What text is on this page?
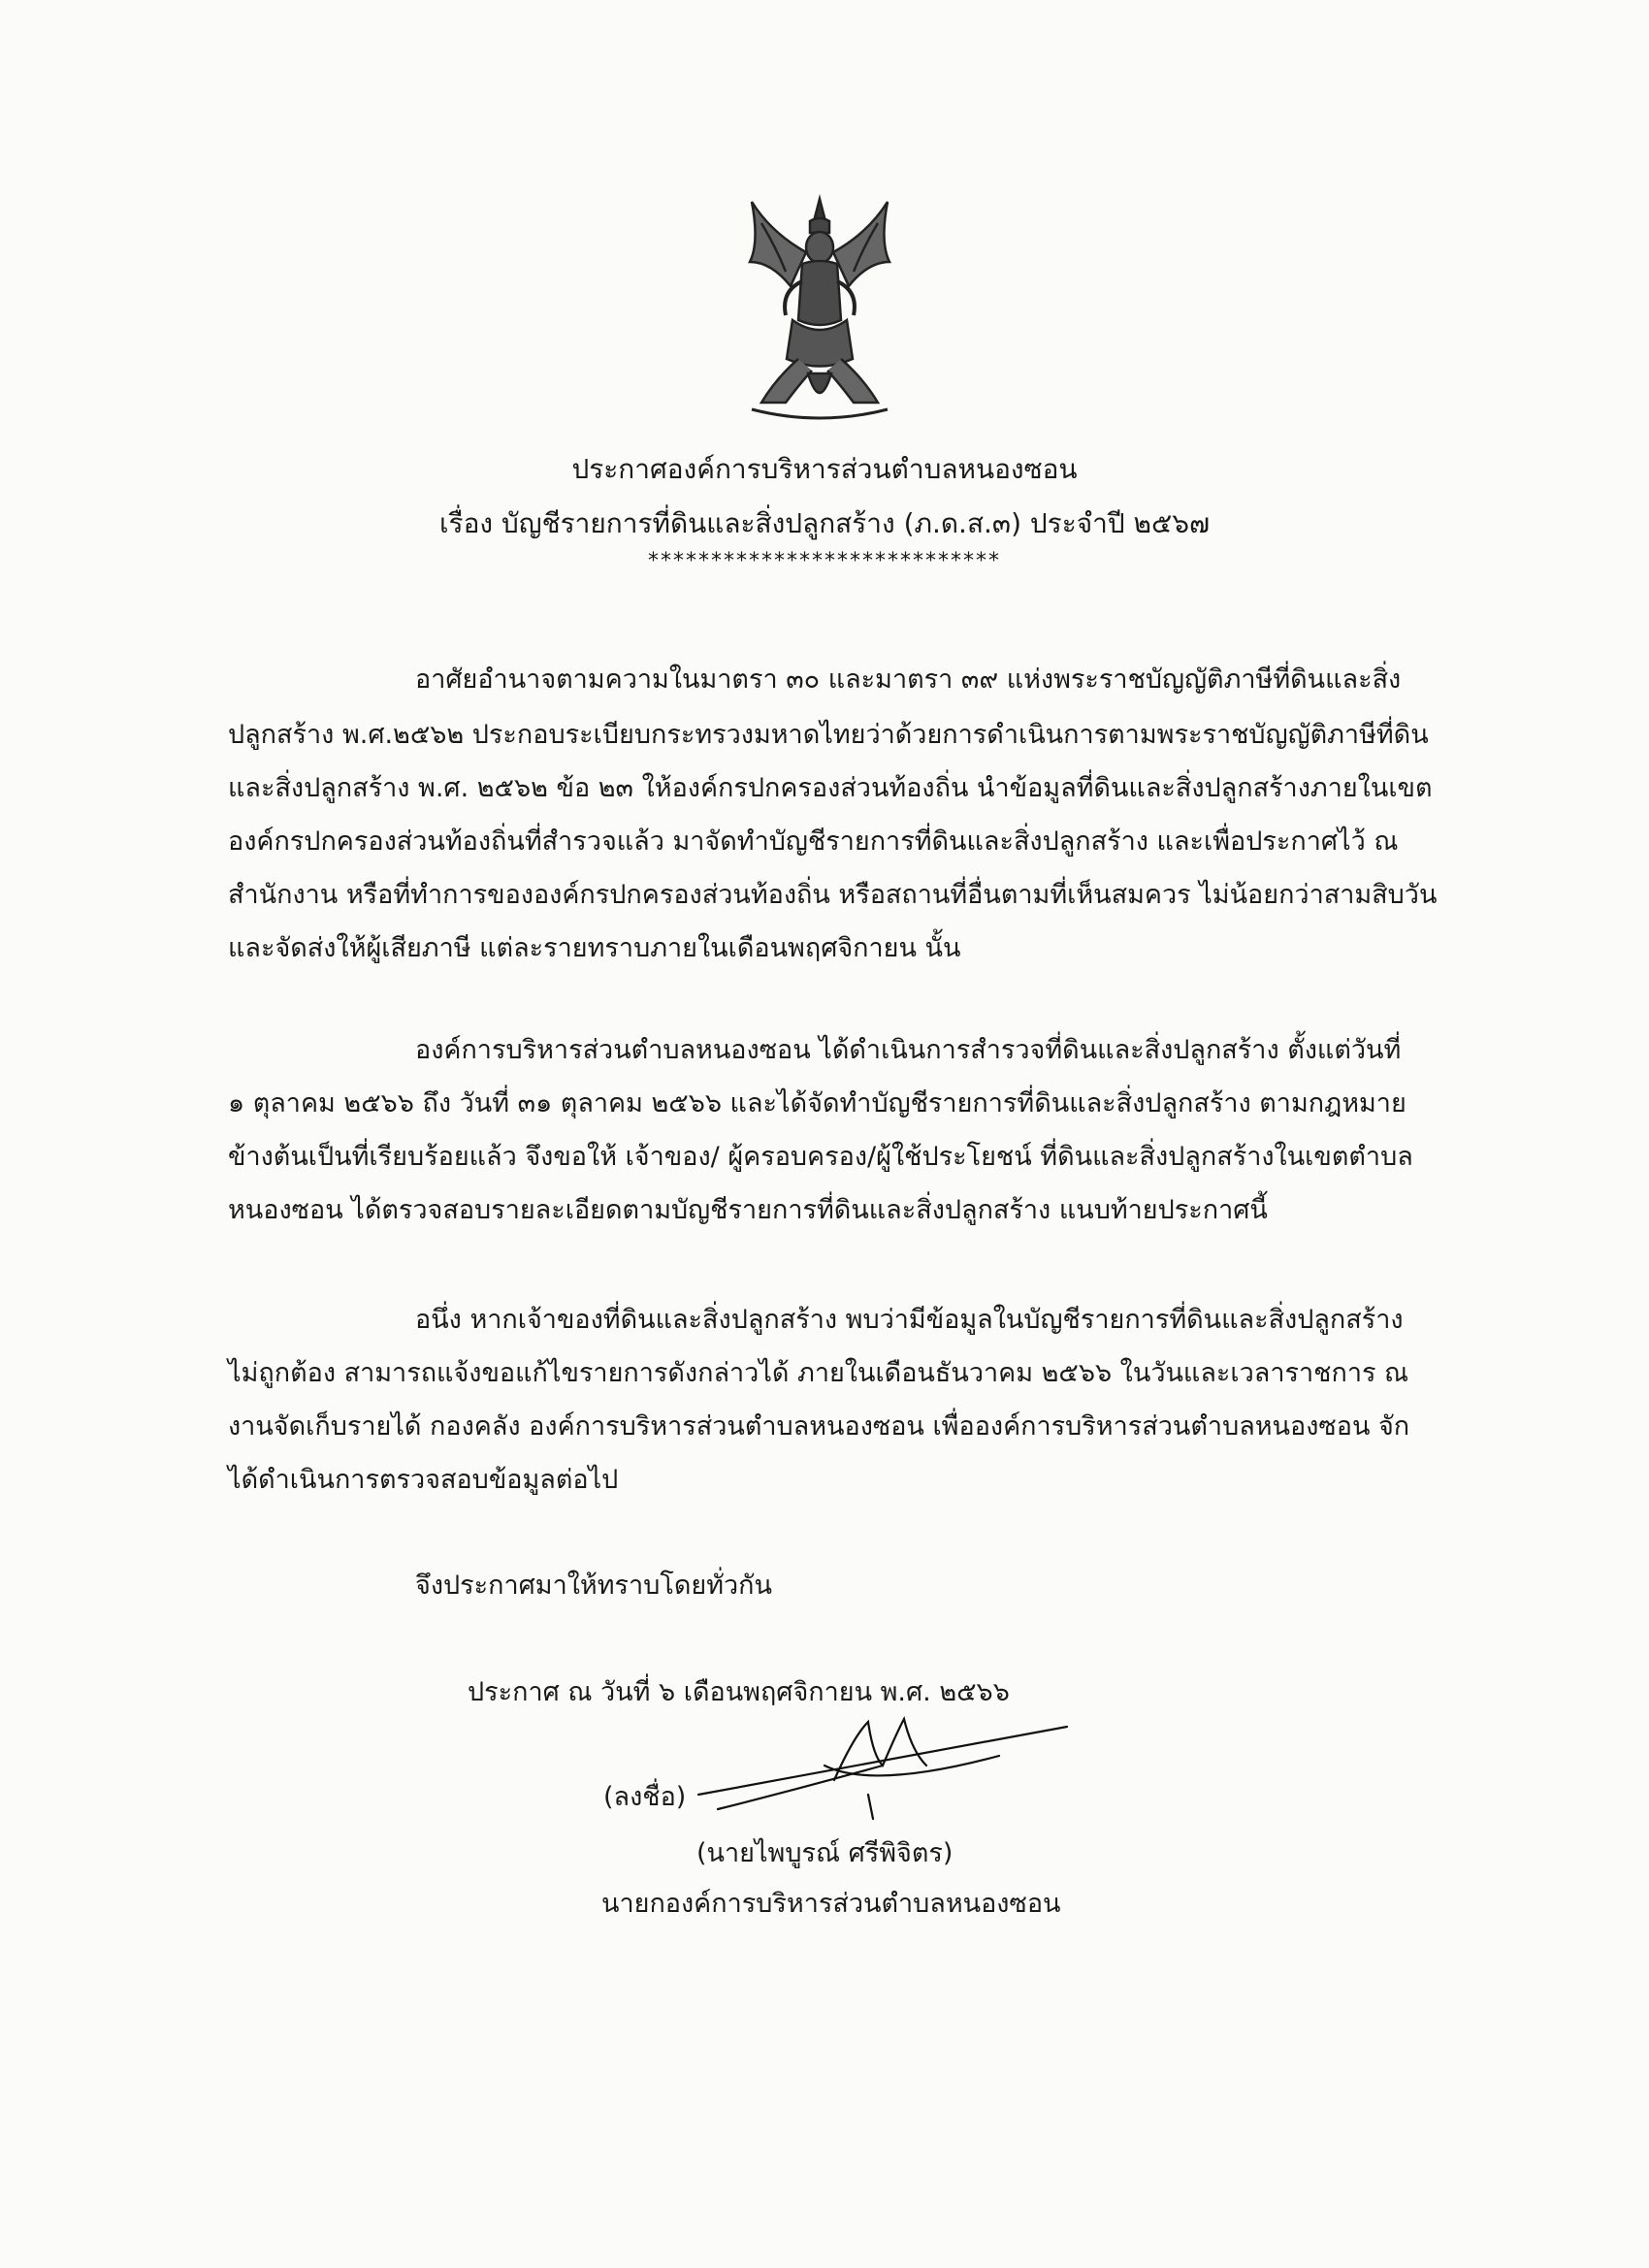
ประกาศองค์การบริหารส่วนตำบลหนองซอน
เรื่อง บัญชีรายการที่ดินและสิ่งปลูกสร้าง (ภ.ด.ส.๓) ประจำปี ๒๕๖๗
****************************
อาศัยอำนาจตามความในมาตรา ๓๐ และมาตรา ๓๙ แห่งพระราชบัญญัติภาษีที่ดินและสิ่ง
ปลูกสร้าง พ.ศ.๒๕๖๒ ประกอบระเบียบกระทรวงมหาดไทยว่าด้วยการดำเนินการตามพระราชบัญญัติภาษีที่ดิน
และสิ่งปลูกสร้าง พ.ศ. ๒๕๖๒ ข้อ ๒๓ ให้องค์กรปกครองส่วนท้องถิ่น นำข้อมูลที่ดินและสิ่งปลูกสร้างภายในเขต
องค์กรปกครองส่วนท้องถิ่นที่สำรวจแล้ว มาจัดทำบัญชีรายการที่ดินและสิ่งปลูกสร้าง และเพื่อประกาศไว้ ณ
สำนักงาน หรือที่ทำการขององค์กรปกครองส่วนท้องถิ่น หรือสถานที่อื่นตามที่เห็นสมควร ไม่น้อยกว่าสามสิบวัน
และจัดส่งให้ผู้เสียภาษี แต่ละรายทราบภายในเดือนพฤศจิกายน นั้น
องค์การบริหารส่วนตำบลหนองซอน ได้ดำเนินการสำรวจที่ดินและสิ่งปลูกสร้าง ตั้งแต่วันที่
๑ ตุลาคม ๒๕๖๖ ถึง วันที่ ๓๑ ตุลาคม ๒๕๖๖ และได้จัดทำบัญชีรายการที่ดินและสิ่งปลูกสร้าง ตามกฎหมาย
ข้างต้นเป็นที่เรียบร้อยแล้ว จึงขอให้ เจ้าของ/ ผู้ครอบครอง/ผู้ใช้ประโยชน์ ที่ดินและสิ่งปลูกสร้างในเขตตำบล
หนองซอน ได้ตรวจสอบรายละเอียดตามบัญชีรายการที่ดินและสิ่งปลูกสร้าง แนบท้ายประกาศนี้
อนึ่ง หากเจ้าของที่ดินและสิ่งปลูกสร้าง พบว่ามีข้อมูลในบัญชีรายการที่ดินและสิ่งปลูกสร้าง
ไม่ถูกต้อง สามารถแจ้งขอแก้ไขรายการดังกล่าวได้ ภายในเดือนธันวาคม ๒๕๖๖ ในวันและเวลาราชการ ณ
งานจัดเก็บรายได้ กองคลัง องค์การบริหารส่วนตำบลหนองซอน เพื่อองค์การบริหารส่วนตำบลหนองซอน จัก
ได้ดำเนินการตรวจสอบข้อมูลต่อไป
จึงประกาศมาให้ทราบโดยทั่วกัน
ประกาศ ณ วันที่ ๖ เดือนพฤศจิกายน พ.ศ. ๒๕๖๖
(ลงชื่อ)
(นายไพบูรณ์ ศรีพิจิตร)
นายกองค์การบริหารส่วนตำบลหนองซอน
